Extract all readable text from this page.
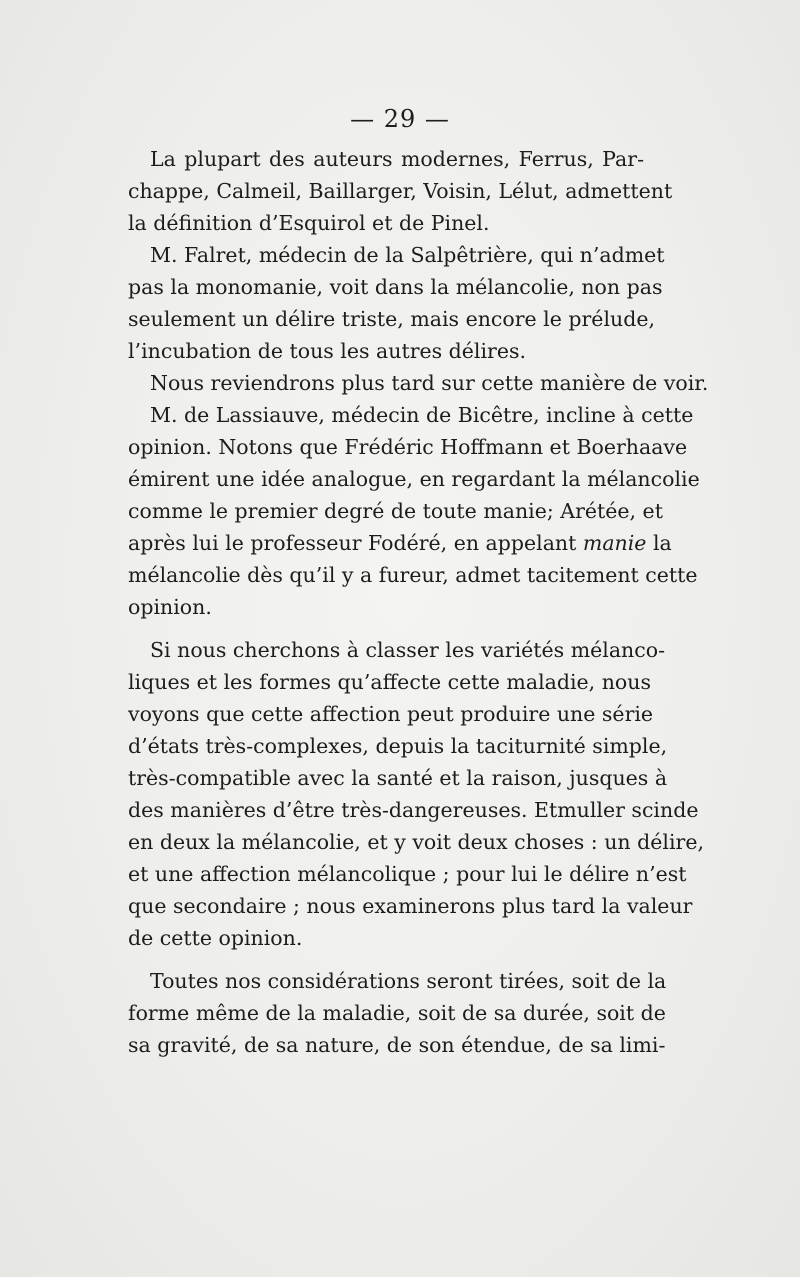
— 29 —
La plupart des auteurs modernes, Ferrus, Par-
chappe, Calmeil, Baillarger, Voisin, Lélut, admettent
la définition d’Esquirol et de Pinel.
M. Falret, médecin de la Salpêtrière, qui n’admet
pas la monomanie, voit dans la mélancolie, non pas
seulement un délire triste, mais encore le prélude,
l’incubation de tous les autres délires.
Nous reviendrons plus tard sur cette manière de voir.
M. de Lassiauve, médecin de Bicêtre, incline à cette
opinion. Notons que Frédéric Hoffmann et Boerhaave
émirent une idée analogue, en regardant la mélancolie
comme le premier degré de toute manie; Arétée, et
après lui le professeur Fodéré, en appelant manie la
mélancolie dès qu’il y a fureur, admet tacitement cette
opinion.
Si nous cherchons à classer les variétés mélanco-
liques et les formes qu’affecte cette maladie, nous
voyons que cette affection peut produire une série
d’états très-complexes, depuis la taciturnité simple,
très-compatible avec la santé et la raison, jusques à
des manières d’être très-dangereuses. Etmuller scinde
en deux la mélancolie, et y voit deux choses : un délire,
et une affection mélancolique ; pour lui le délire n’est
que secondaire ; nous examinerons plus tard la valeur
de cette opinion.
Toutes nos considérations seront tirées, soit de la
forme même de la maladie, soit de sa durée, soit de
sa gravité, de sa nature, de son étendue, de sa limi-
